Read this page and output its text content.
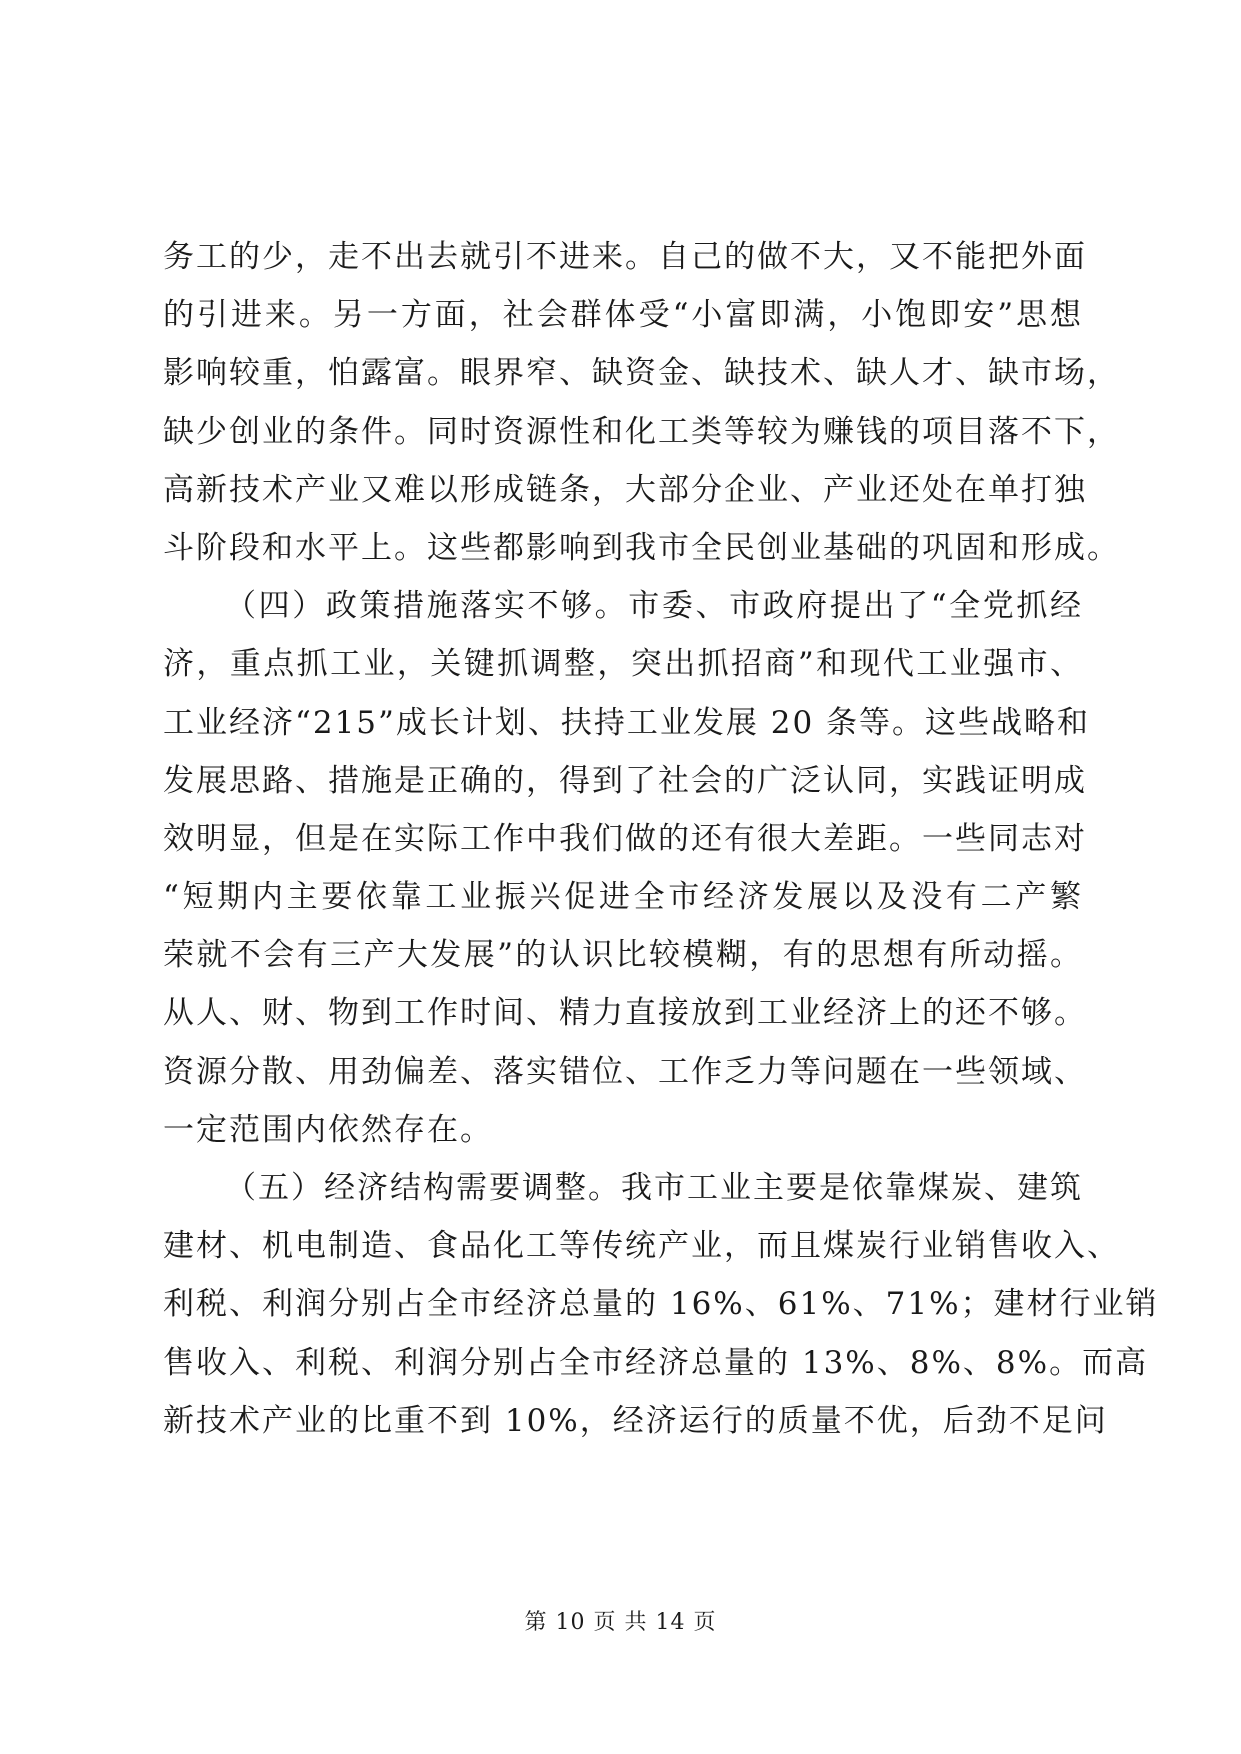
务工的少，走不出去就引不进来。自己的做不大，又不能把外面
的引进来。另一方面，社会群体受“小富即满，小饱即安”思想
影响较重，怕露富。眼界窄、缺资金、缺技术、缺人才、缺市场，
缺少创业的条件。同时资源性和化工类等较为赚钱的项目落不下，
高新技术产业又难以形成链条，大部分企业、产业还处在单打独
斗阶段和水平上。这些都影响到我市全民创业基础的巩固和形成。
（四）政策措施落实不够。市委、市政府提出了“全党抓经
济，重点抓工业，关键抓调整，突出抓招商”和现代工业强市、
工业经济“215”成长计划、扶持工业发展 20 条等。这些战略和
发展思路、措施是正确的，得到了社会的广泛认同，实践证明成
效明显，但是在实际工作中我们做的还有很大差距。一些同志对
“短期内主要依靠工业振兴促进全市经济发展以及没有二产繁
荣就不会有三产大发展”的认识比较模糊，有的思想有所动摇。
从人、财、物到工作时间、精力直接放到工业经济上的还不够。
资源分散、用劲偏差、落实错位、工作乏力等问题在一些领域、
一定范围内依然存在。
（五）经济结构需要调整。我市工业主要是依靠煤炭、建筑
建材、机电制造、食品化工等传统产业，而且煤炭行业销售收入、
利税、利润分别占全市经济总量的 16%、61%、71%；建材行业销
售收入、利税、利润分别占全市经济总量的 13%、8%、8%。而高
新技术产业的比重不到 10%，经济运行的质量不优，后劲不足问
第 10 页 共 14 页
